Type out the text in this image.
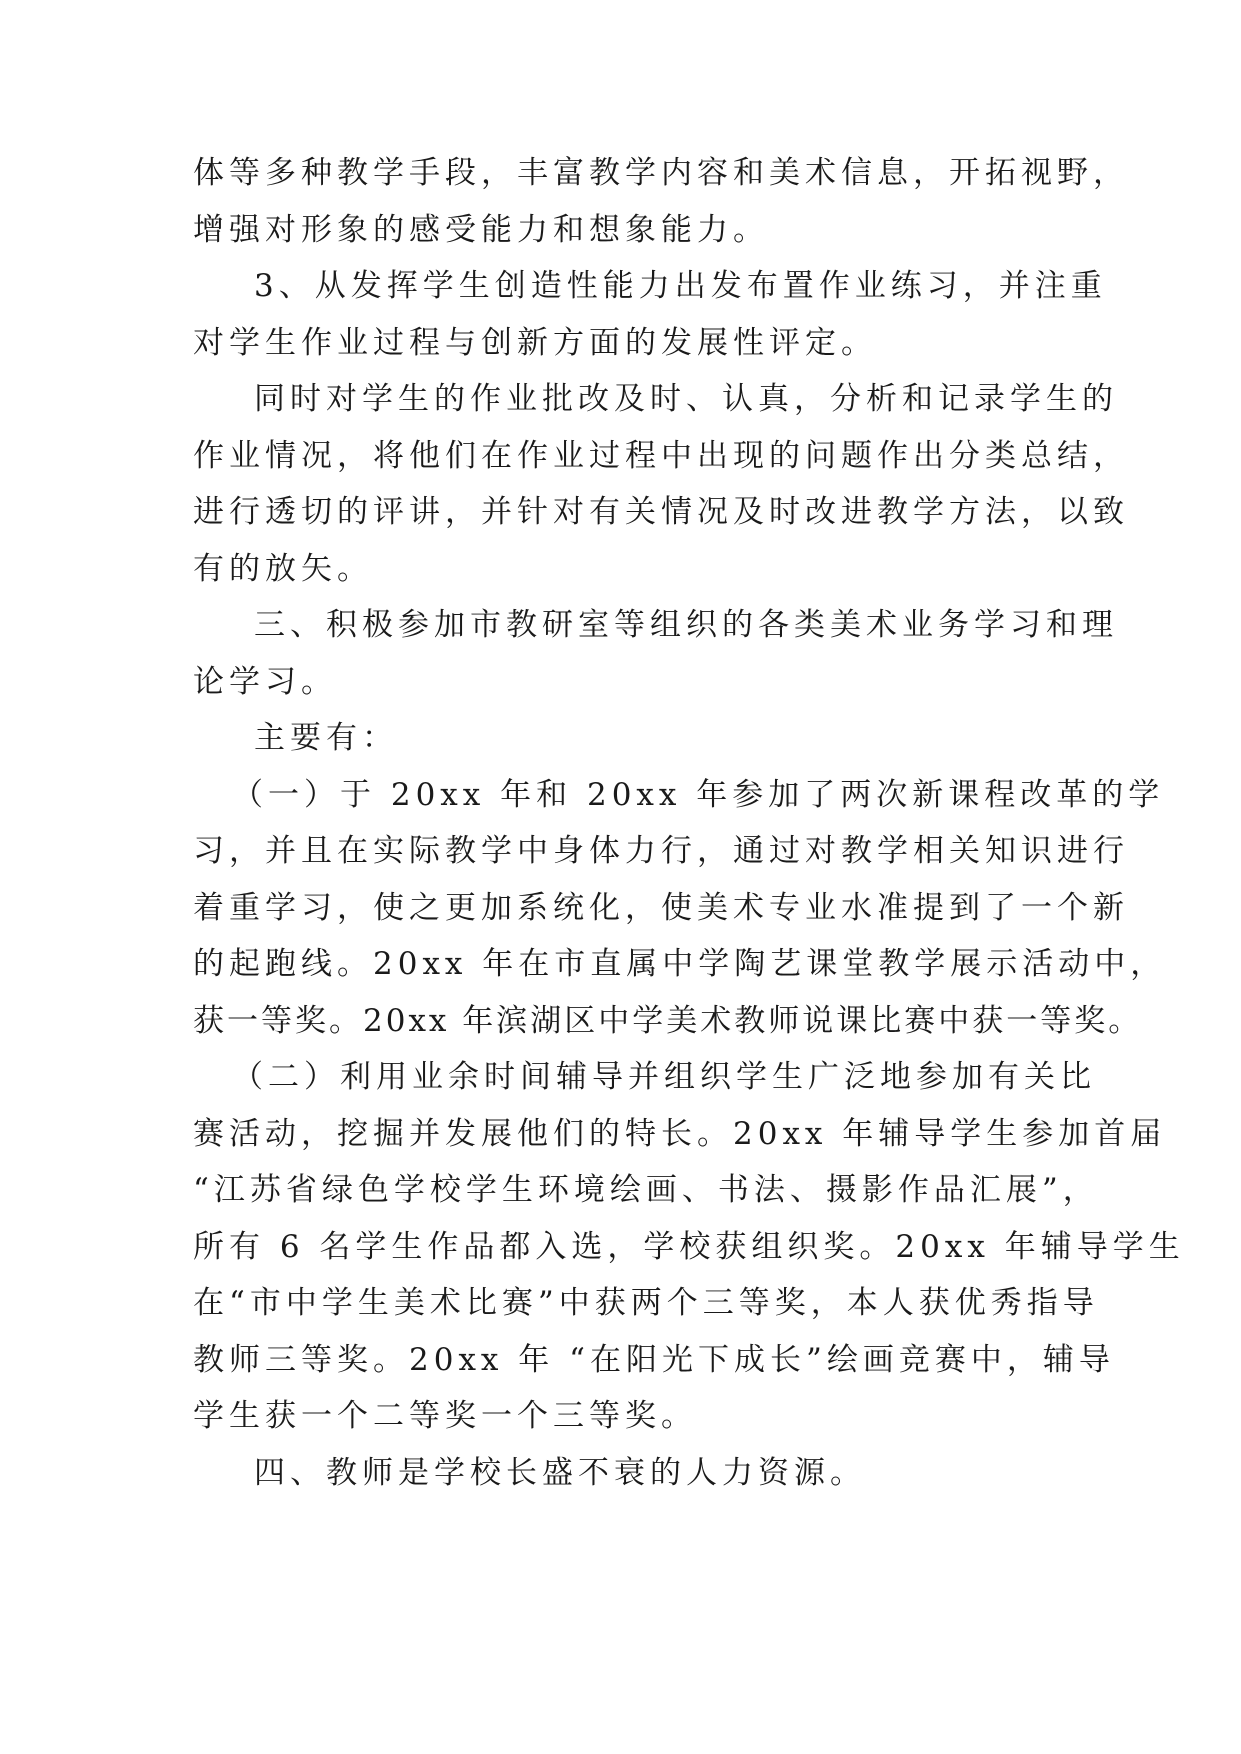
体等多种教学手段，丰富教学内容和美术信息，开拓视野，
增强对形象的感受能力和想象能力。
3、从发挥学生创造性能力出发布置作业练习，并注重
对学生作业过程与创新方面的发展性评定。
同时对学生的作业批改及时、认真，分析和记录学生的
作业情况，将他们在作业过程中出现的问题作出分类总结，
进行透切的评讲，并针对有关情况及时改进教学方法，以致
有的放矢。
三、积极参加市教研室等组织的各类美术业务学习和理
论学习。
主要有：
（一）于 20xx 年和 20xx 年参加了两次新课程改革的学
习，并且在实际教学中身体力行，通过对教学相关知识进行
着重学习，使之更加系统化，使美术专业水准提到了一个新
的起跑线。20xx 年在市直属中学陶艺课堂教学展示活动中，
获一等奖。20xx 年滨湖区中学美术教师说课比赛中获一等奖。
（二）利用业余时间辅导并组织学生广泛地参加有关比
赛活动，挖掘并发展他们的特长。20xx 年辅导学生参加首届
“江苏省绿色学校学生环境绘画、书法、摄影作品汇展”，
所有 6 名学生作品都入选，学校获组织奖。20xx 年辅导学生
在“市中学生美术比赛”中获两个三等奖，本人获优秀指导
教师三等奖。20xx 年 “在阳光下成长”绘画竞赛中，辅导
学生获一个二等奖一个三等奖。
四、教师是学校长盛不衰的人力资源。
